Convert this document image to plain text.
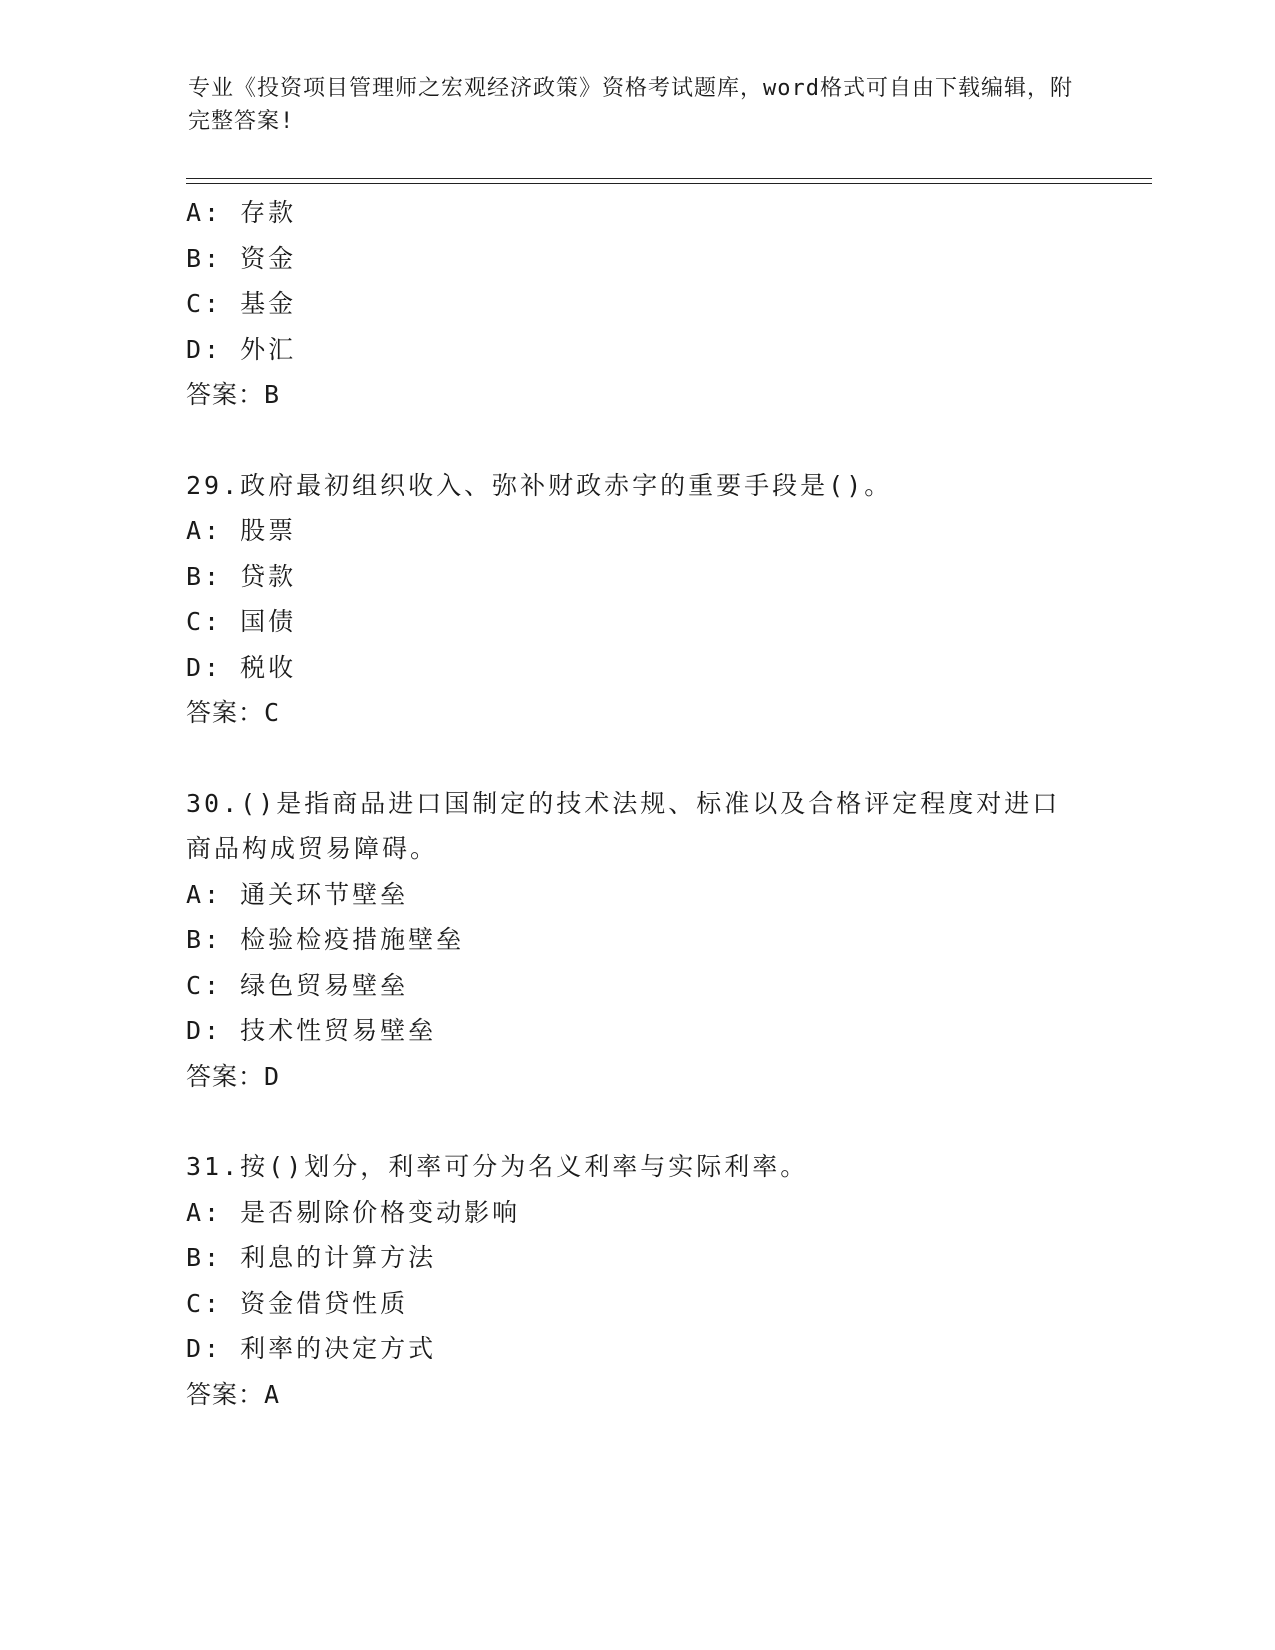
专业《投资项目管理师之宏观经济政策》资格考试题库，word格式可自由下载编辑，附完整答案!
A: 存款
B: 资金
C: 基金
D: 外汇
答案：B
29.政府最初组织收入、弥补财政赤字的重要手段是()。
A: 股票
B: 贷款
C: 国债
D: 税收
答案：C
30.()是指商品进口国制定的技术法规、标准以及合格评定程度对进口商品构成贸易障碍。
A: 通关环节壁垒
B: 检验检疫措施壁垒
C: 绿色贸易壁垒
D: 技术性贸易壁垒
答案：D
31.按()划分，利率可分为名义利率与实际利率。
A: 是否剔除价格变动影响
B: 利息的计算方法
C: 资金借贷性质
D: 利率的决定方式
答案：A
